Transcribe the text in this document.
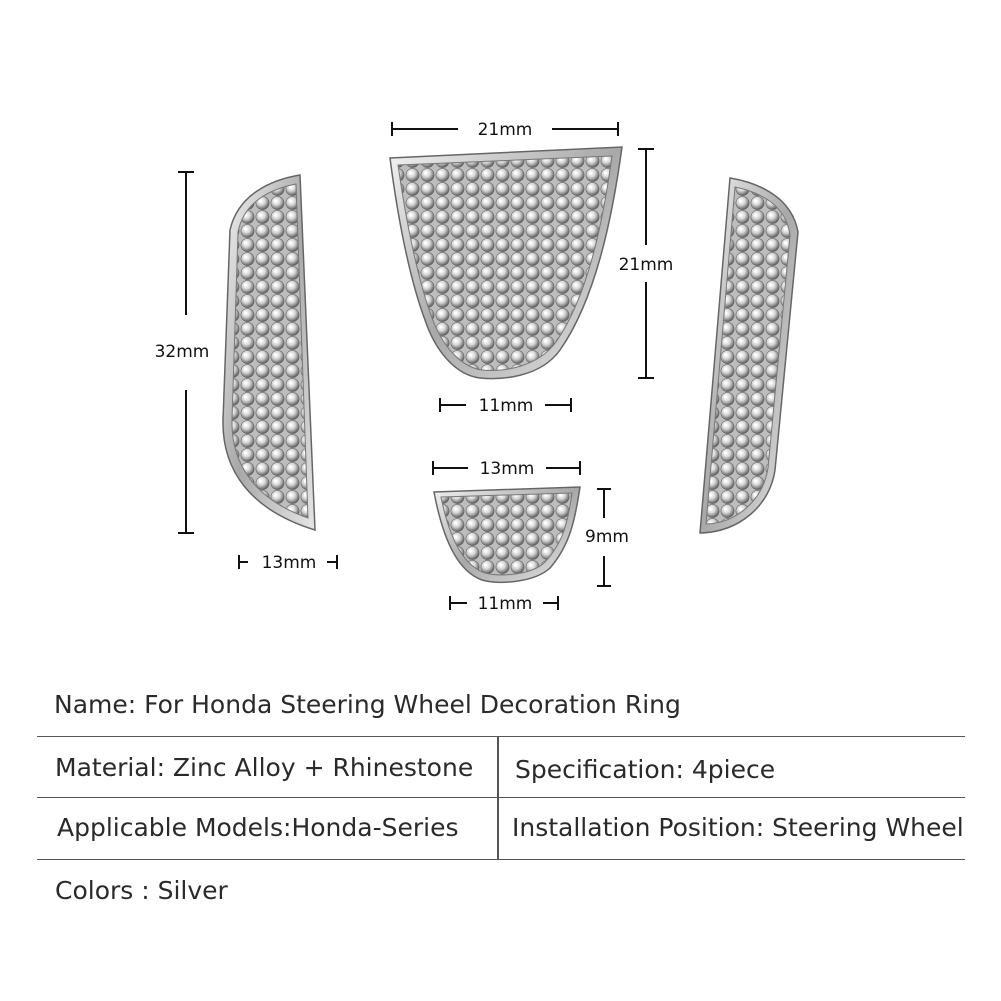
32mm
13mm
21mm
21mm
11mm
13mm
9mm
11mm
Name: For Honda Steering Wheel Decoration Ring
Material: Zinc Alloy + Rhinestone Specification: 4piece
Applicable Models:Honda-Series Installation Position: Steering Wheel
Colors : Silver
